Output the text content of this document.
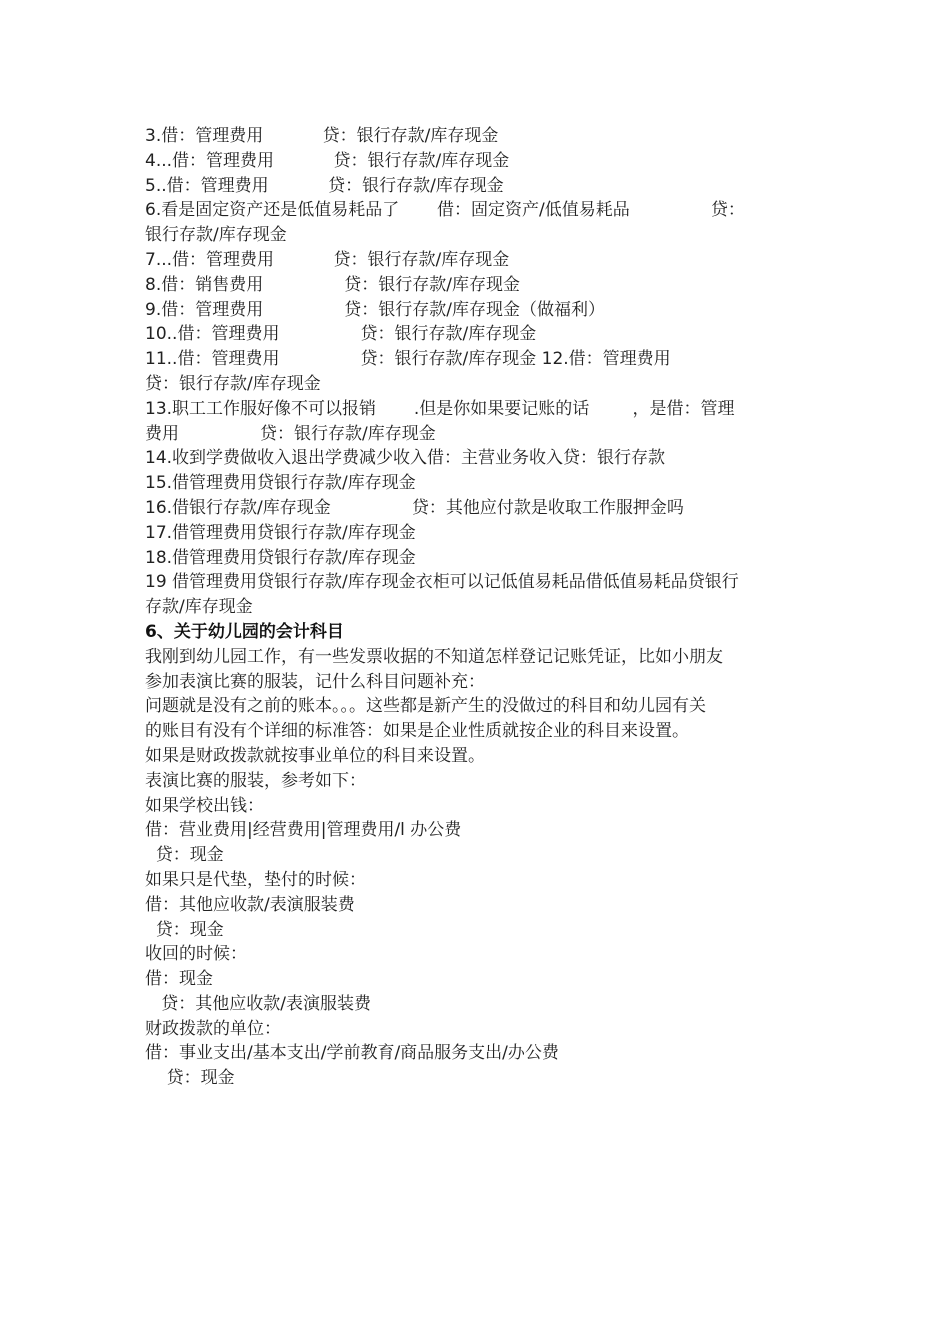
3.借：管理费用           贷：银行存款/库存现金
4...借：管理费用           贷：银行存款/库存现金
5..借：管理费用           贷：银行存款/库存现金
6.看是固定资产还是低值易耗品了       借：固定资产/低值易耗品               贷：
银行存款/库存现金
7...借：管理费用           贷：银行存款/库存现金
8.借：销售费用               贷：银行存款/库存现金
9.借：管理费用               贷：银行存款/库存现金（做福利）
10..借：管理费用               贷：银行存款/库存现金
11..借：管理费用               贷：银行存款/库存现金 12.借：管理费用
贷：银行存款/库存现金
13.职工工作服好像不可以报销       .但是你如果要记账的话        ，是借：管理
费用               贷：银行存款/库存现金
14.收到学费做收入退出学费减少收入借：主营业务收入贷：银行存款
15.借管理费用贷银行存款/库存现金
16.借银行存款/库存现金               贷：其他应付款是收取工作服押金吗
17.借管理费用贷银行存款/库存现金
18.借管理费用贷银行存款/库存现金
19 借管理费用贷银行存款/库存现金衣柜可以记低值易耗品借低值易耗品贷银行
存款/库存现金
6、关于幼儿园的会计科目
我刚到幼儿园工作，有一些发票收据的不知道怎样登记记账凭证，比如小朋友
参加表演比赛的服装，记什么科目问题补充：
问题就是没有之前的账本。。。这些都是新产生的没做过的科目和幼儿园有关
的账目有没有个详细的标准答：如果是企业性质就按企业的科目来设置。
如果是财政拨款就按事业单位的科目来设置。
表演比赛的服装，参考如下：
如果学校出钱：
借：营业费用|经营费用|管理费用/l 办公费
贷：现金
如果只是代垫，垫付的时候：
借：其他应收款/表演服装费
贷：现金
收回的时候：
借：现金
贷：其他应收款/表演服装费
财政拨款的单位：
借：事业支出/基本支出/学前教育/商品服务支出/办公费
贷：现金
